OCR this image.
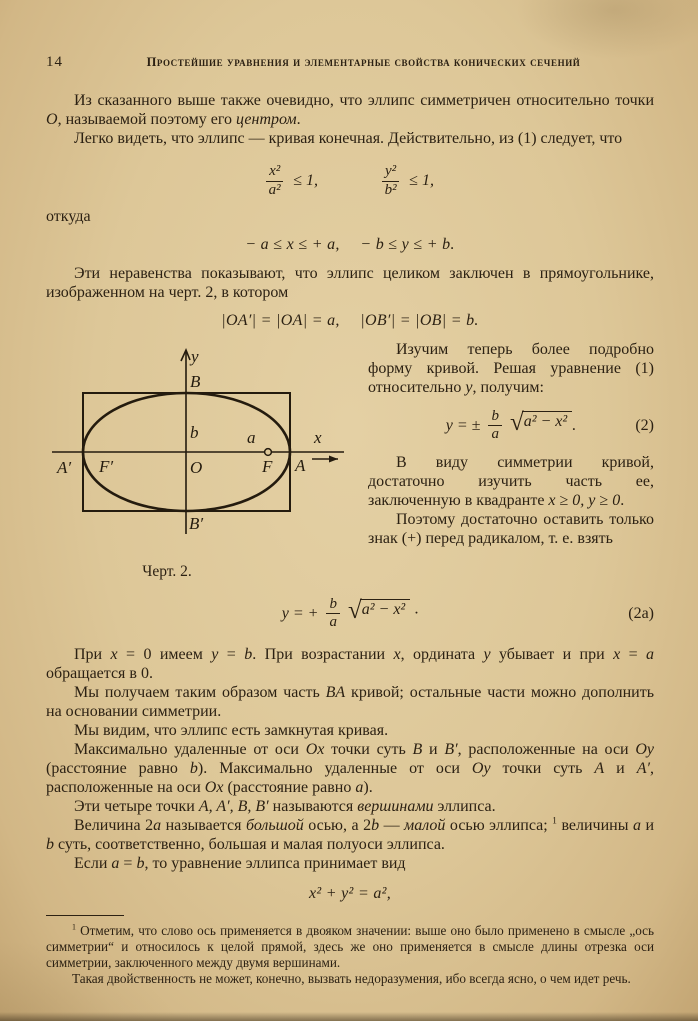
14	Простейшие уравнения и элементарные свойства конических сечений

Из сказанного выше также очевидно, что эллипс симметричен относительно точки O, называемой поэтому его центром.

Легко видеть, что эллипс — кривая конечная. Действительно, из (1) следует, что

$\frac{\text{x²}}{\text{a²}} \le 1$,	$\frac{\text{y²}}{\text{b²}} \le 1$,

откуда

− a ≤ x ≤ + a,  − b ≤ y ≤ + b.

Эти неравенства показывают, что эллипс целиком заключен в прямоугольнике, изображенном на черт. 2, в котором

|OA′| = |OA| = a,  |OB′| = |OB| = b.
y
B
b
O
B′
A′ F′
a
F A
x
Черт. 2.

Изучим теперь более подробно форму кривой. Решая уравнение (1) относительно y, получим:

y = ± $\frac{b}{a}$
√ a² − x² .	(2)

В виду симметрии кривой, достаточно изучить часть ее, заключенную в квадранте x ≥ 0, y ≥ 0.

Поэтому достаточно оставить только знак (+) перед радикалом, т. е. взять

y = + $\frac{b}{a}$
√ a² − x² ·	(2a)

При x = 0 имеем y = b. При возрастании x, ордината y убывает и при x = a обращается в 0.

Мы получаем таким образом часть BA кривой; остальные части можно дополнить на основании симметрии.

Мы видим, что эллипс есть замкнутая кривая.

Максимально удаленные от оси Ox точки суть B и B′, расположенные на оси Oy (расстояние равно b). Максимально удаленные от оси Oy точки суть A и A′, расположенные на оси Ox (расстояние равно a).

Эти четыре точки A, A′, B, B′ называются вершинами эллипса.

Величина 2a называется большой осью, а 2b — малой осью эллипса; $^1$ величины a и b суть, соответственно, большая и малая полуоси эллипса.

Если a = b, то уравнение эллипса принимает вид

x² + y² = a²,

$^1$ Отметим, что слово ось применяется в двояком значении: выше оно было применено в смысле „ось симметрии“ и относилось к целой прямой, здесь же оно применяется в смысле длины отрезка оси симметрии, заключенного между двумя вершинами.

Такая двойственность не может, конечно, вызвать недоразумения, ибо всегда ясно, о чем идет речь.
